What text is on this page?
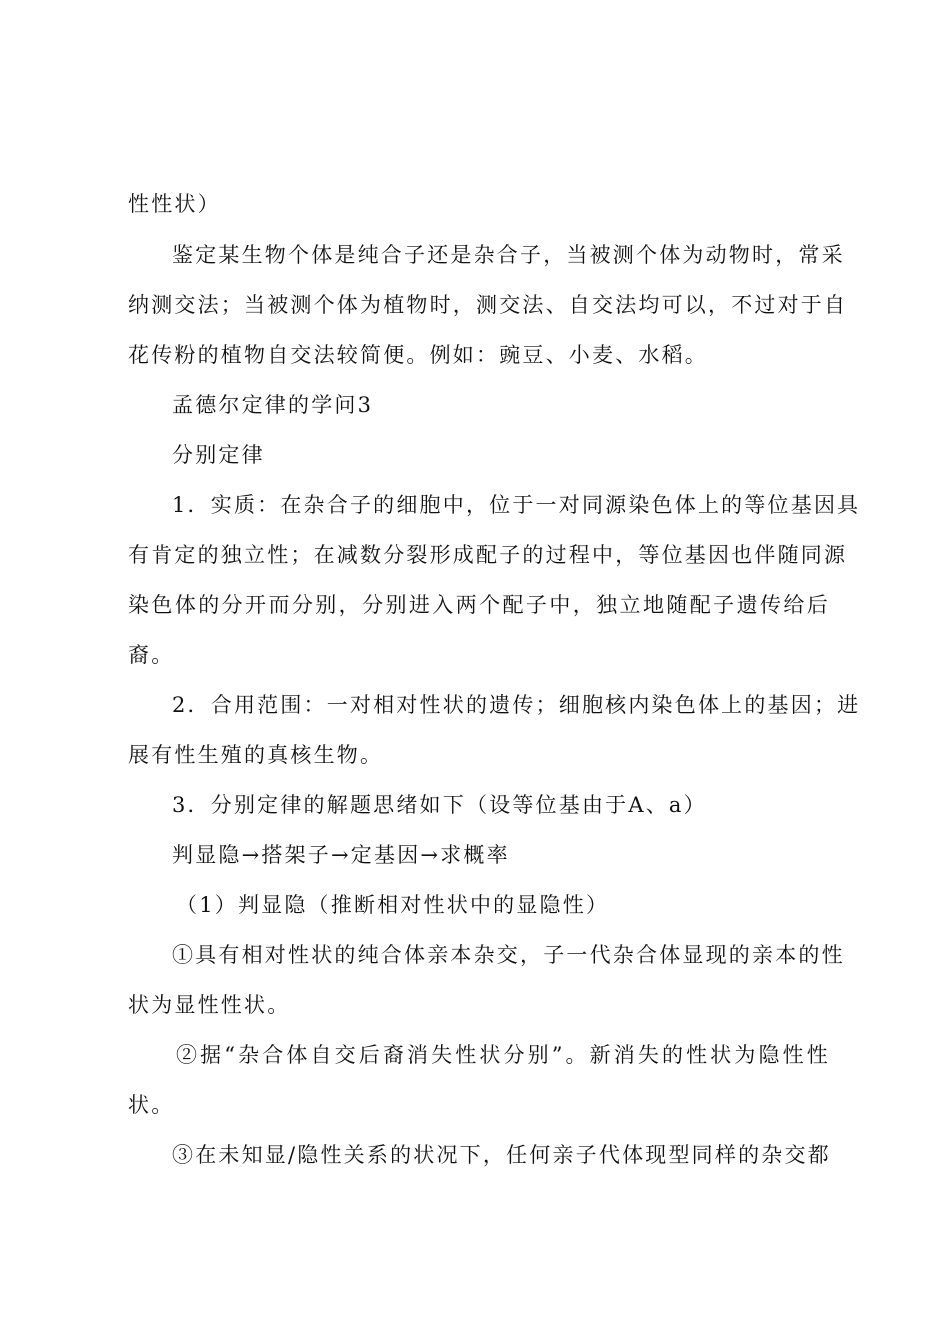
性性状）
鉴定某生物个体是纯合子还是杂合子，当被测个体为动物时，常采
纳测交法；当被测个体为植物时，测交法、自交法均可以，不过对于自
花传粉的植物自交法较简便。例如：豌豆、小麦、水稻。
孟德尔定律的学问3
分别定律
1．实质：在杂合子的细胞中，位于一对同源染色体上的等位基因具
有肯定的独立性；在减数分裂形成配子的过程中，等位基因也伴随同源
染色体的分开而分别，分别进入两个配子中，独立地随配子遗传给后
裔。
2．合用范围：一对相对性状的遗传；细胞核内染色体上的基因；进
展有性生殖的真核生物。
3．分别定律的解题思绪如下（设等位基由于A、a）
判显隐→搭架子→定基因→求概率
（1）判显隐（推断相对性状中的显隐性）
①具有相对性状的纯合体亲本杂交，子一代杂合体显现的亲本的性
状为显性性状。
②据“杂合体自交后裔消失性状分别”。新消失的性状为隐性性
状。
③在未知显/隐性关系的状况下，任何亲子代体现型同样的杂交都
